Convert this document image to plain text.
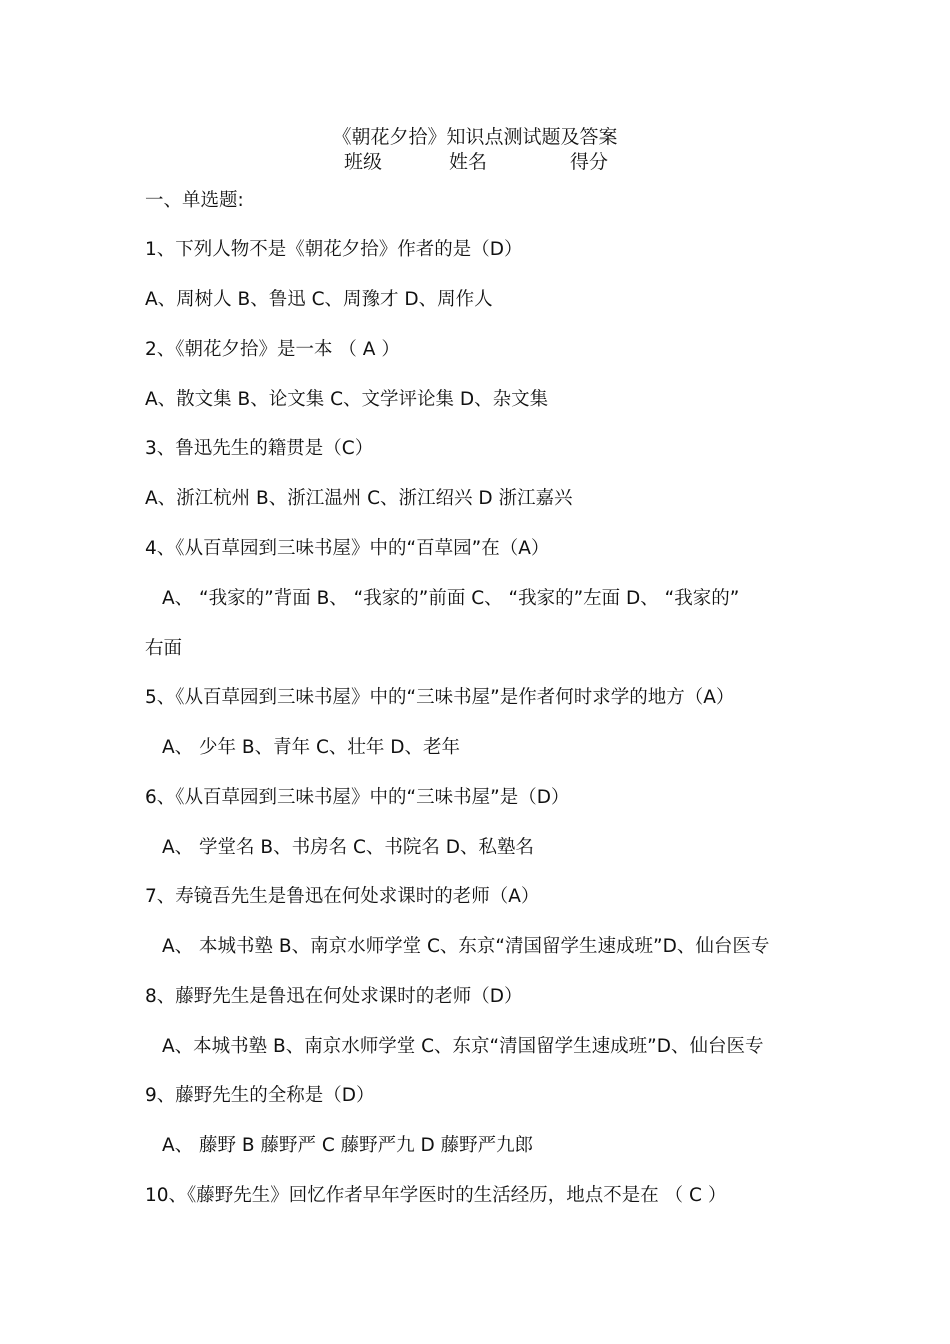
《朝花夕拾》知识点测试题及答案
班级	姓名	得分
一、单选题:
1、下列人物不是《朝花夕拾》作者的是（D）
A、周树人 B、鲁迅 C、周豫才 D、周作人
2、《朝花夕拾》是一本 （ A ）
A、散文集 B、论文集 C、文学评论集 D、杂文集
3、鲁迅先生的籍贯是（C）
A、浙江杭州 B、浙江温州 C、浙江绍兴 D 浙江嘉兴
4、《从百草园到三味书屋》中的“百草园”在（A）
A、 “我家的”背面 B、 “我家的”前面 C、 “我家的”左面 D、 “我家的”
右面
5、《从百草园到三味书屋》中的“三味书屋”是作者何时求学的地方（A）
A、 少年 B、青年 C、壮年 D、老年
6、《从百草园到三味书屋》中的“三味书屋”是（D）
A、 学堂名 B、书房名 C、书院名 D、私塾名
7、寿镜吾先生是鲁迅在何处求课时的老师（A）
A、 本城书塾 B、南京水师学堂 C、东京“清国留学生速成班”D、仙台医专
8、藤野先生是鲁迅在何处求课时的老师（D）
A、本城书塾 B、南京水师学堂 C、东京“清国留学生速成班”D、仙台医专
9、藤野先生的全称是（D）
A、 藤野 B 藤野严 C 藤野严九 D 藤野严九郎
10、《藤野先生》回忆作者早年学医时的生活经历，地点不是在 （ C ）
